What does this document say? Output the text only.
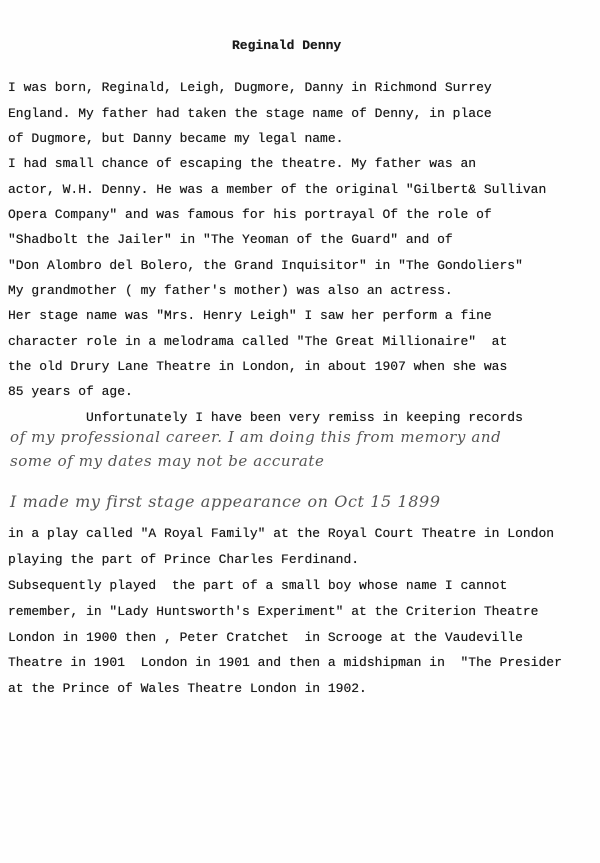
Reginald Denny
I was born, Reginald, Leigh, Dugmore, Danny in Richmond Surrey
England. My father had taken the stage name of Denny, in place
of Dugmore, but Danny became my legal name.
I had small chance of escaping the theatre. My father was an
actor, W.H. Denny. He was a member of the original "Gilbert& Sullivan
Opera Company" and was famous for his portrayal Of the role of
"Shadbolt the Jailer" in "The Yeoman of the Guard" and of
"Don Alombro del Bolero, the Grand Inquisitor" in "The Gondoliers"
My grandmother ( my father's mother) was also an actress.
Her stage name was "Mrs. Henry Leigh" I saw her perform a fine
character role in a melodrama called "The Great Millionaire"  at
the old Drury Lane Theatre in London, in about 1907 when she was
85 years of age.
Unfortunately I have been very remiss in keeping records
of my professional career. I am doing this from memory and
some of my dates may not be accurate
I made my first stage appearance on Oct 15 1899
in a play called "A Royal Family" at the Royal Court Theatre in London
playing the part of Prince Charles Ferdinand.
Subsequently played  the part of a small boy whose name I cannot
remember, in "Lady Huntsworth's Experiment" at the Criterion Theatre
London in 1900 then , Peter Cratchet  in Scrooge at the Vaudeville
Theatre in 1901  London in 1901 and then a midshipman in  "The Presider
at the Prince of Wales Theatre London in 1902.
